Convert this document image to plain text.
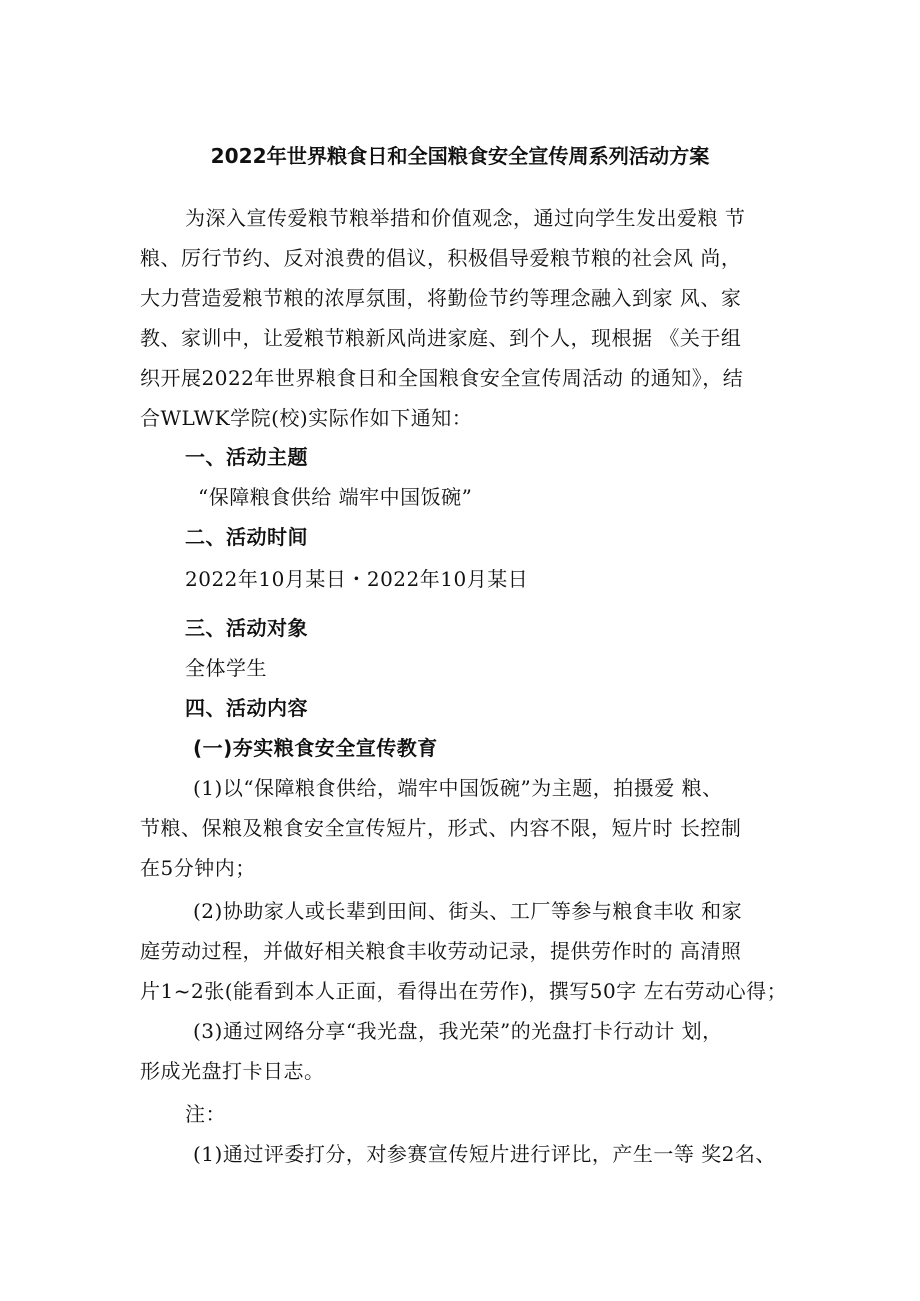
2022年世界粮食日和全国粮食安全宣传周系列活动方案
为深入宣传爱粮节粮举措和价值观念，通过向学生发出爱粮 节
粮、厉行节约、反对浪费的倡议，积极倡导爱粮节粮的社会风 尚，
大力营造爱粮节粮的浓厚氛围，将勤俭节约等理念融入到家 风、家
教、家训中，让爱粮节粮新风尚进家庭、到个人，现根据 《关于组
织开展2022年世界粮食日和全国粮食安全宣传周活动 的通知》，结
合WLWK学院(校)实际作如下通知：
一、活动主题
“保障粮食供给 端牢中国饭碗”
二、活动时间
2022年10月某日・2022年10月某日
三、活动对象
全体学生
四、活动内容
(一)夯实粮食安全宣传教育
(1)以“保障粮食供给，端牢中国饭碗”为主题，拍摄爱 粮、
节粮、保粮及粮食安全宣传短片，形式、内容不限，短片时 长控制
在5分钟内；
(2)协助家人或长辈到田间、街头、工厂等参与粮食丰收 和家
庭劳动过程，并做好相关粮食丰收劳动记录，提供劳作时的 高清照
片1~2张(能看到本人正面，看得出在劳作)，撰写50字 左右劳动心得；
(3)通过网络分享“我光盘，我光荣”的光盘打卡行动计 划，
形成光盘打卡日志。
注：
(1)通过评委打分，对参赛宣传短片进行评比，产生一等 奖2名、
